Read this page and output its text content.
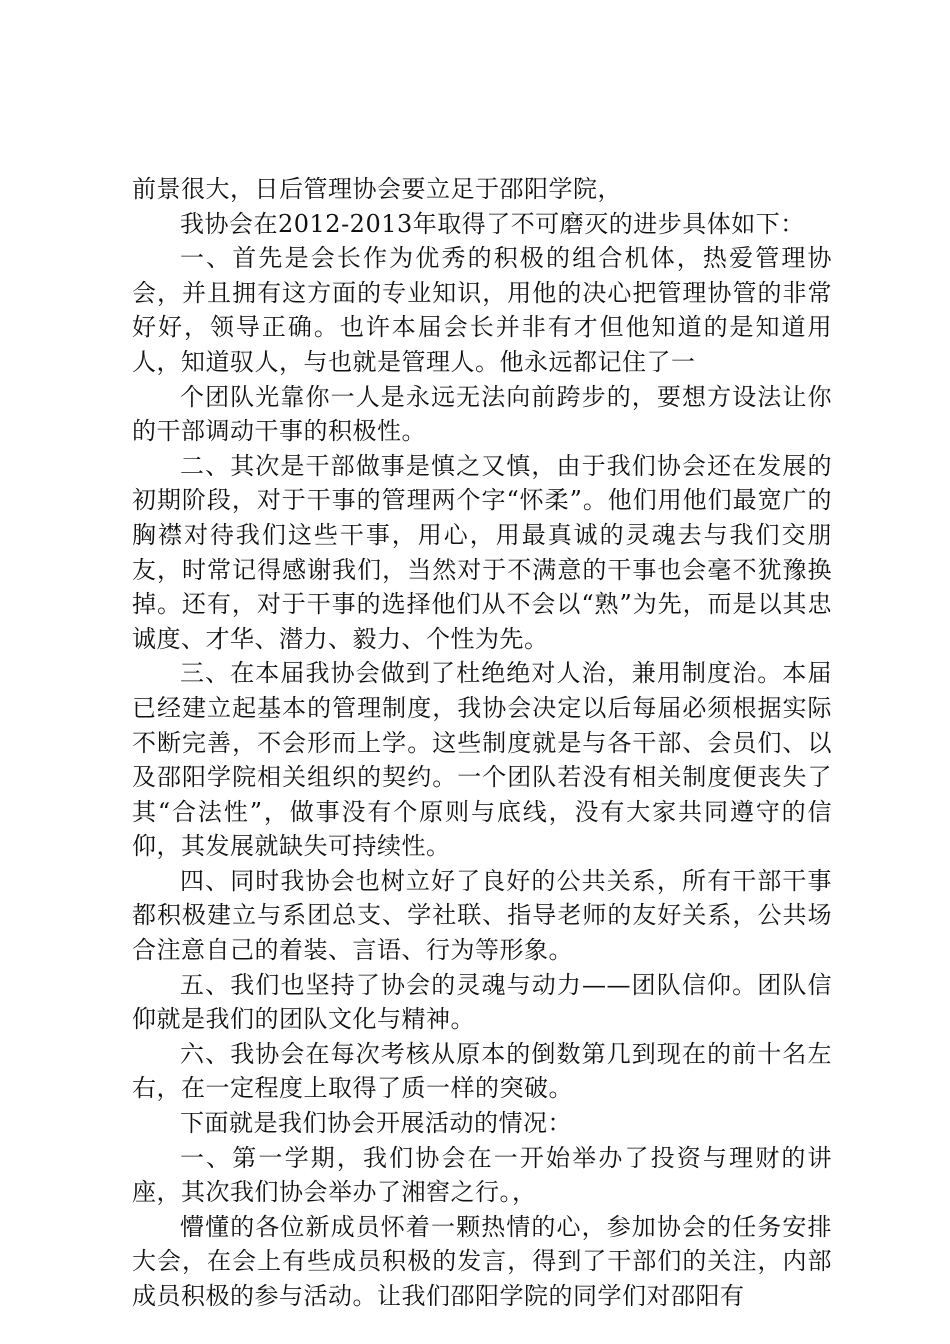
前景很大，日后管理协会要立足于邵阳学院，

我协会在2012-2013年取得了不可磨灭的进步具体如下：

一、首先是会长作为优秀的积极的组合机体，热爱管理协会，并且拥有这方面的专业知识，用他的决心把管理协管的非常好好，领导正确。也许本届会长并非有才但他知道的是知道用人，知道驭人，与也就是管理人。他永远都记住了一

个团队光靠你一人是永远无法向前跨步的，要想方设法让你的干部调动干事的积极性。

二、其次是干部做事是慎之又慎，由于我们协会还在发展的初期阶段，对于干事的管理两个字“怀柔”。他们用他们最宽广的胸襟对待我们这些干事，用心，用最真诚的灵魂去与我们交朋友，时常记得感谢我们，当然对于不满意的干事也会毫不犹豫换掉。还有，对于干事的选择他们从不会以“熟”为先，而是以其忠诚度、才华、潜力、毅力、个性为先。

三、在本届我协会做到了杜绝绝对人治，兼用制度治。本届已经建立起基本的管理制度，我协会决定以后每届必须根据实际不断完善，不会形而上学。这些制度就是与各干部、会员们、以及邵阳学院相关组织的契约。一个团队若没有相关制度便丧失了其“合法性”，做事没有个原则与底线，没有大家共同遵守的信仰，其发展就缺失可持续性。

四、同时我协会也树立好了良好的公共关系，所有干部干事都积极建立与系团总支、学社联、指导老师的友好关系，公共场合注意自己的着装、言语、行为等形象。

五、我们也坚持了协会的灵魂与动力——团队信仰。团队信仰就是我们的团队文化与精神。

六、我协会在每次考核从原本的倒数第几到现在的前十名左右，在一定程度上取得了质一样的突破。

下面就是我们协会开展活动的情况：

一、第一学期，我们协会在一开始举办了投资与理财的讲座，其次我们协会举办了湘窖之行。，

懵懂的各位新成员怀着一颗热情的心，参加协会的任务安排大会，在会上有些成员积极的发言，得到了干部们的关注，内部成员积极的参与活动。让我们邵阳学院的同学们对邵阳有
